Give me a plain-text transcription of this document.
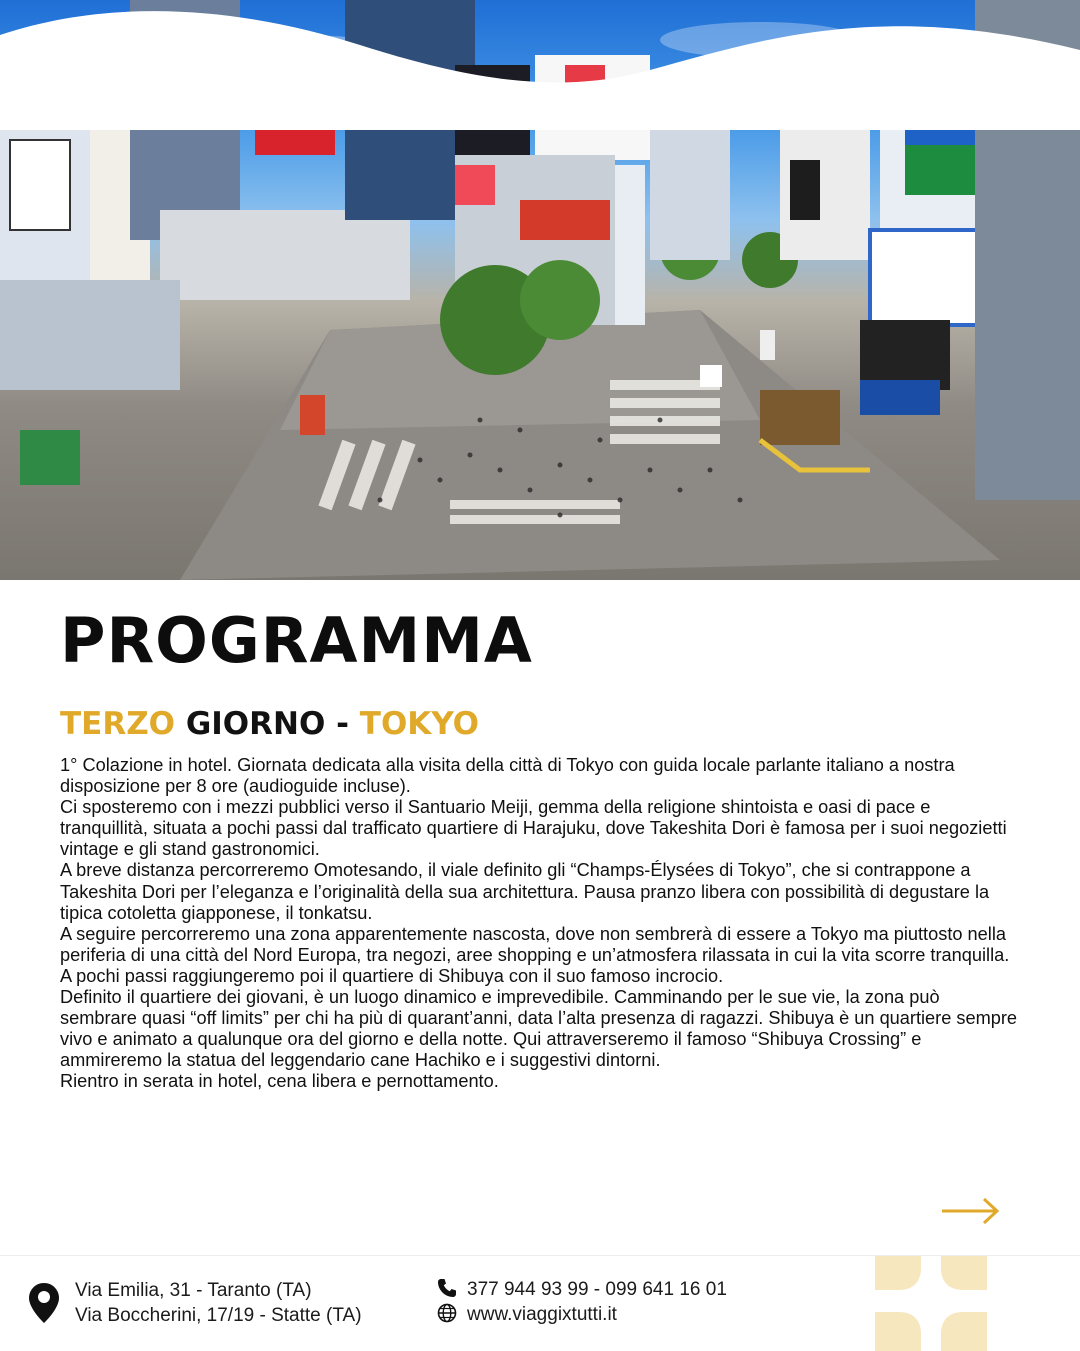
PROGRAMMA
TERZO GIORNO - TOKYO

1° Colazione in hotel. Giornata dedicata alla visita della città di Tokyo con guida locale parlante italiano a nostra disposizione per 8 ore (audioguide incluse).

Ci sposteremo con i mezzi pubblici verso il Santuario Meiji, gemma della religione shintoista e oasi di pace e tranquillità, situata a pochi passi dal trafficato quartiere di Harajuku, dove Takeshita Dori è famosa per i suoi negozietti vintage e gli stand gastronomici.

A breve distanza percorreremo Omotesando, il viale definito gli “Champs-Élysées di Tokyo”, che si contrappone a Takeshita Dori per l’eleganza e l’originalità della sua architettura. Pausa pranzo libera con possibilità di degustare la tipica cotoletta giapponese, il tonkatsu.

A seguire percorreremo una zona apparentemente nascosta, dove non sembrerà di essere a Tokyo ma piuttosto nella periferia di una città del Nord Europa, tra negozi, aree shopping e un’atmosfera rilassata in cui la vita scorre tranquilla. A pochi passi raggiungeremo poi il quartiere di Shibuya con il suo famoso incrocio.

Definito il quartiere dei giovani, è un luogo dinamico e imprevedibile. Camminando per le sue vie, la zona può sembrare quasi “off limits” per chi ha più di quarant’anni, data l’alta presenza di ragazzi. Shibuya è un quartiere sempre vivo e animato a qualunque ora del giorno e della notte. Qui attraverseremo il famoso “Shibuya Crossing” e ammireremo la statua del leggendario cane Hachiko e i suggestivi dintorni.

Rientro in serata in hotel, cena libera e pernottamento.

Via Emilia, 31 - Taranto (TA)
Via Boccherini, 17/19 - Statte (TA)
377 944 93 99 - 099 641 16 01
www.viaggixtutti.it
